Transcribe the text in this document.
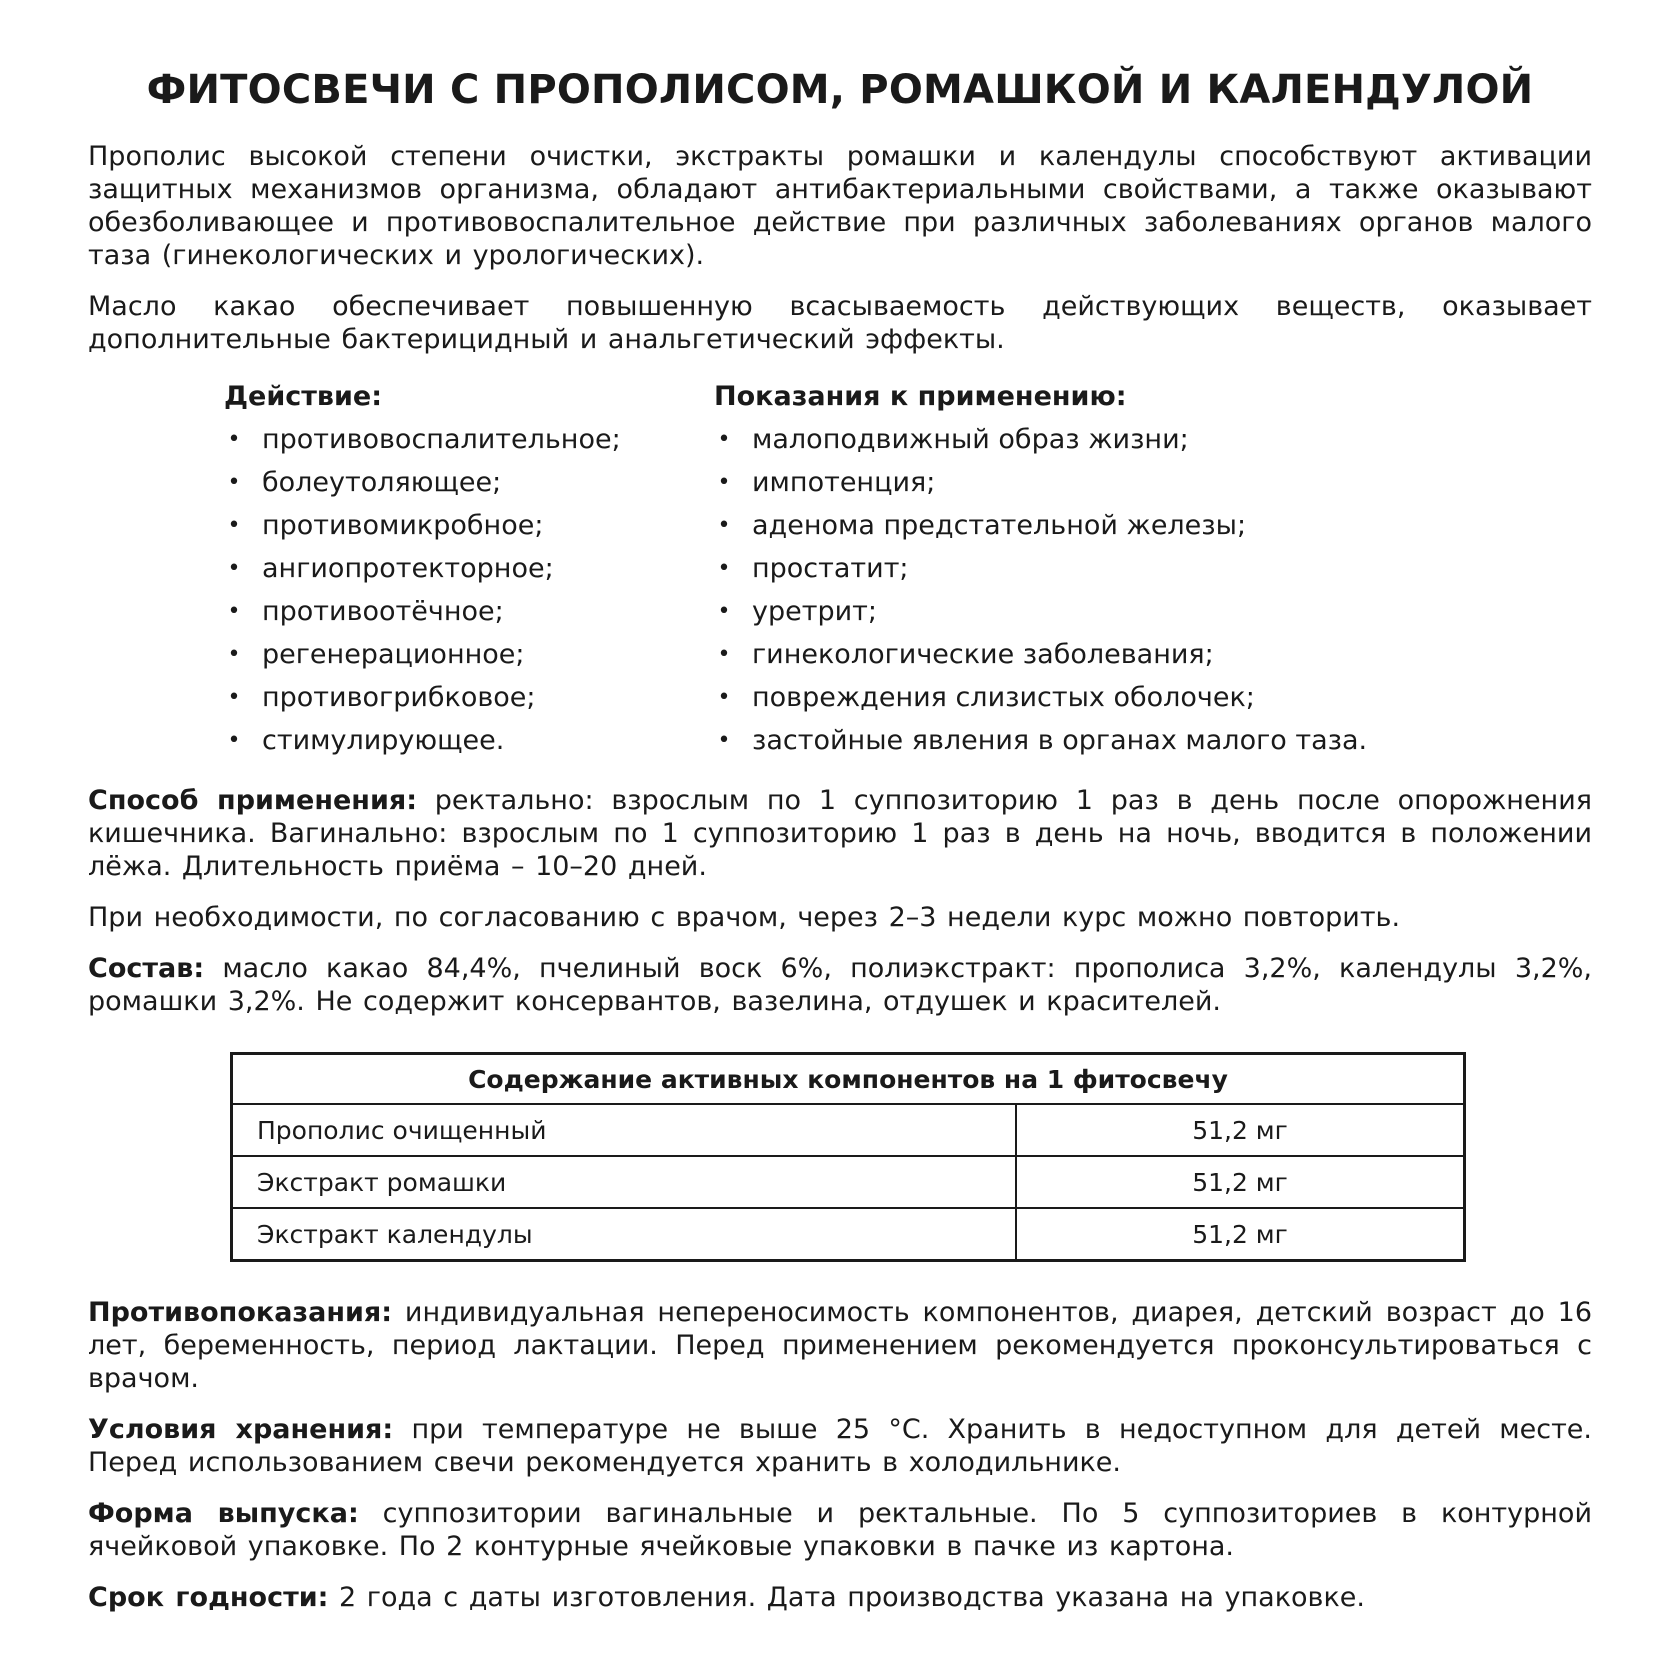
ФИТОСВЕЧИ С ПРОПОЛИСОМ, РОМАШКОЙ И КАЛЕНДУЛОЙ

Прополис высокой степени очистки, экстракты ромашки и календулы способствуют активации защитных механизмов организма, обладают антибактериальными свойствами, а также оказывают обезболивающее и противовоспалительное действие при различных заболеваниях органов малого таза (гинекологических и урологических).

Масло какао обеспечивает повышенную всасываемость действующих веществ, оказывает дополнительные бактерицидный и анальгетический эффекты.

Действие:
• противовоспалительное;
• болеутоляющее;
• противомикробное;
• ангиопротекторное;
• противоотёчное;
• регенерационное;
• противогрибковое;
• стимулирующее.
Показания к применению:
• малоподвижный образ жизни;
• импотенция;
• аденома предстательной железы;
• простатит;
• уретрит;
• гинекологические заболевания;
• повреждения слизистых оболочек;
• застойные явления в органах малого таза.

Способ применения: ректально: взрослым по 1 суппозиторию 1 раз в день после опорожнения кишечника. Вагинально: взрослым по 1 суппозиторию 1 раз в день на ночь, вводится в положении лёжа. Длительность приёма – 10–20 дней.

При необходимости, по согласованию с врачом, через 2–3 недели курс можно повторить.

Состав: масло какао 84,4%, пчелиный воск 6%, полиэкстракт: прополиса 3,2%, календулы 3,2%, ромашки 3,2%. Не содержит консервантов, вазелина, отдушек и красителей.

Содержание активных компонентов на 1 фитосвечу	
Прополис очищенный	51,2 мг
Экстракт ромашки	51,2 мг
Экстракт календулы	51,2 мг

Противопоказания: индивидуальная непереносимость компонентов, диарея, детский возраст до 16 лет, беременность, период лактации. Перед применением рекомендуется проконсультироваться с врачом.

Условия хранения: при температуре не выше 25 °С. Хранить в недоступном для детей месте. Перед использованием свечи рекомендуется хранить в холодильнике.

Форма выпуска: суппозитории вагинальные и ректальные. По 5 суппозиториев в контурной ячейковой упаковке. По 2 контурные ячейковые упаковки в пачке из картона.

Срок годности: 2 года с даты изготовления. Дата производства указана на упаковке.
